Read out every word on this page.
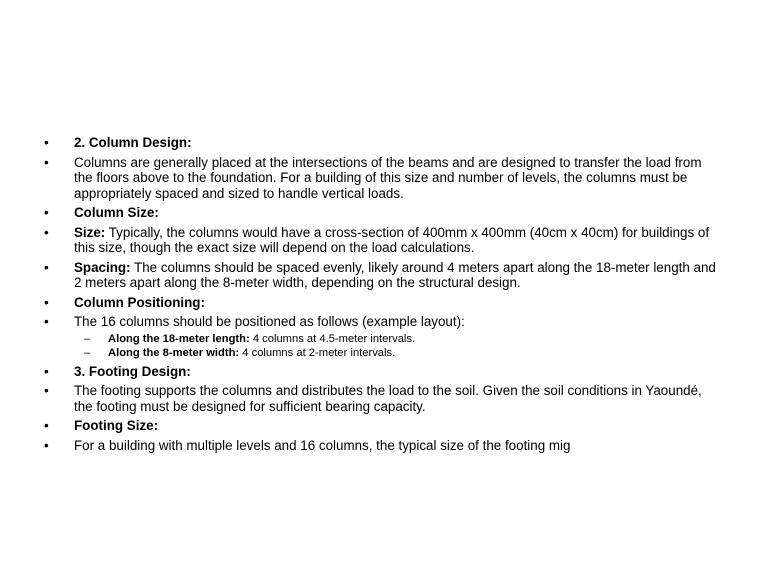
• 2. Column Design:
• Columns are generally placed at the intersections of the beams and are designed to transfer the load from the floors above to the foundation. For a building of this size and number of levels, the columns must be appropriately spaced and sized to handle vertical loads.
• Column Size:
• Size: Typically, the columns would have a cross-section of 400mm x 400mm (40cm x 40cm) for buildings of this size, though the exact size will depend on the load calculations.
• Spacing: The columns should be spaced evenly, likely around 4 meters apart along the 18-meter length and 2 meters apart along the 8-meter width, depending on the structural design.
• Column Positioning:
• The 16 columns should be positioned as follows (example layout):
– Along the 18-meter length: 4 columns at 4.5-meter intervals.
– Along the 8-meter width: 4 columns at 2-meter intervals.
• 3. Footing Design:
• The footing supports the columns and distributes the load to the soil. Given the soil conditions in Yaoundé, the footing must be designed for sufficient bearing capacity.
• Footing Size:
• For a building with multiple levels and 16 columns, the typical size of the footing mig
